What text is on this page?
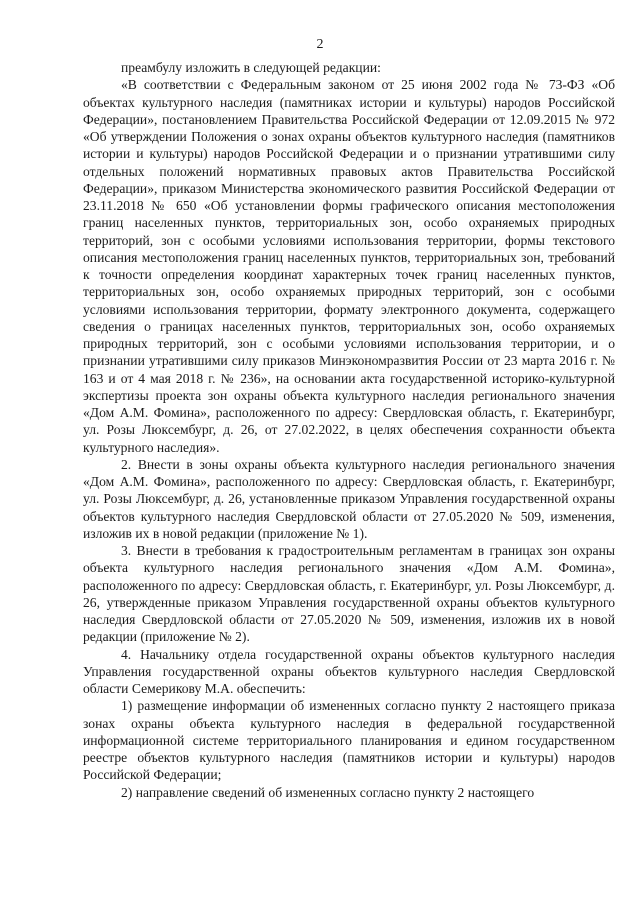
2

преамбулу изложить в следующей редакции:

«В соответствии с Федеральным законом от 25 июня 2002 года № 73-ФЗ «Об объектах культурного наследия (памятниках истории и культуры) народов Российской Федерации», постановлением Правительства Российской Федерации от 12.09.2015 № 972 «Об утверждении Положения о зонах охраны объектов культурного наследия (памятников истории и культуры) народов Российской Федерации и о признании утратившими силу отдельных положений нормативных правовых актов Правительства Российской Федерации», приказом Министерства экономического развития Российской Федерации от 23.11.2018 № 650 «Об установлении формы графического описания местоположения границ населенных пунктов, территориальных зон, особо охраняемых природных территорий, зон с особыми условиями использования территории, формы текстового описания местоположения границ населенных пунктов, территориальных зон, требований к точности определения координат характерных точек границ населенных пунктов, территориальных зон, особо охраняемых природных территорий, зон с особыми условиями использования территории, формату электронного документа, содержащего сведения о границах населенных пунктов, территориальных зон, особо охраняемых природных территорий, зон с особыми условиями использования территории, и о признании утратившими силу приказов Минэкономразвития России от 23 марта 2016 г. № 163 и от 4 мая 2018 г. № 236», на основании акта государственной историко-культурной экспертизы проекта зон охраны объекта культурного наследия регионального значения «Дом А.М. Фомина», расположенного по адресу: Свердловская область, г. Екатеринбург, ул. Розы Люксембург, д. 26, от 27.02.2022, в целях обеспечения сохранности объекта культурного наследия».

2. Внести в зоны охраны объекта культурного наследия регионального значения «Дом А.М. Фомина», расположенного по адресу: Свердловская область, г. Екатеринбург, ул. Розы Люксембург, д. 26, установленные приказом Управления государственной охраны объектов культурного наследия Свердловской области от 27.05.2020 № 509, изменения, изложив их в новой редакции (приложение № 1).

3. Внести в требования к градостроительным регламентам в границах зон охраны объекта культурного наследия регионального значения «Дом А.М. Фомина», расположенного по адресу: Свердловская область, г. Екатеринбург, ул. Розы Люксембург, д. 26, утвержденные приказом Управления государственной охраны объектов культурного наследия Свердловской области от 27.05.2020 № 509, изменения, изложив их в новой редакции (приложение № 2).

4. Начальнику отдела государственной охраны объектов культурного наследия Управления государственной охраны объектов культурного наследия Свердловской области Семерикову М.А. обеспечить:

1) размещение информации об измененных согласно пункту 2 настоящего приказа зонах охраны объекта культурного наследия в федеральной государственной информационной системе территориального планирования и едином государственном реестре объектов культурного наследия (памятников истории и культуры) народов Российской Федерации;

2) направление сведений об измененных согласно пункту 2 настоящего
